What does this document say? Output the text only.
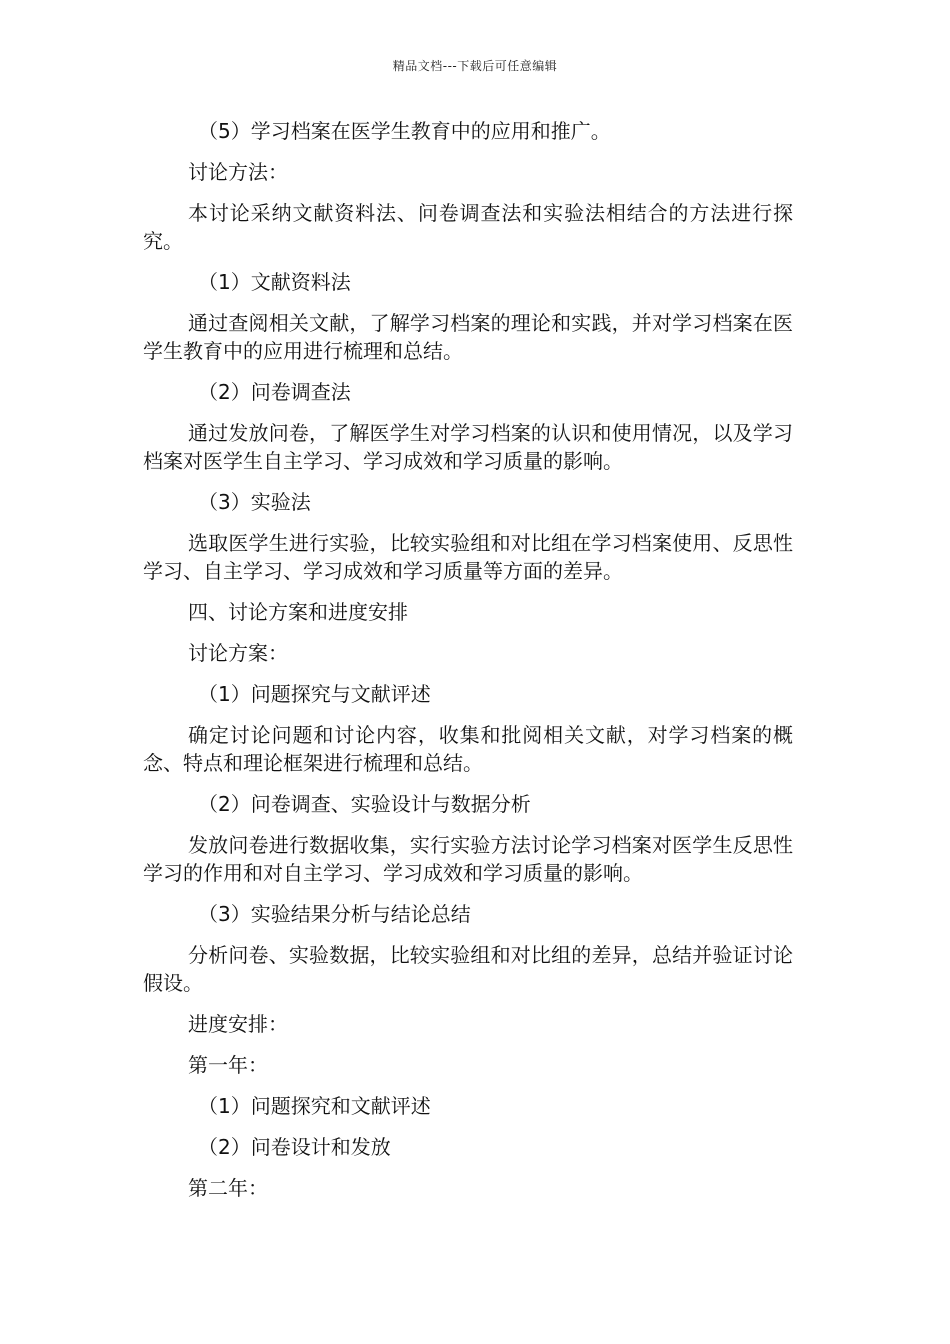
精品文档---下载后可任意编辑

（5）学习档案在医学生教育中的应用和推广。

讨论方法：

本讨论采纳文献资料法、问卷调查法和实验法相结合的方法进行探究。

（1）文献资料法

通过查阅相关文献，了解学习档案的理论和实践，并对学习档案在医学生教育中的应用进行梳理和总结。

（2）问卷调查法

通过发放问卷，了解医学生对学习档案的认识和使用情况，以及学习档案对医学生自主学习、学习成效和学习质量的影响。

（3）实验法

选取医学生进行实验，比较实验组和对比组在学习档案使用、反思性学习、自主学习、学习成效和学习质量等方面的差异。

四、讨论方案和进度安排

讨论方案：

（1）问题探究与文献评述

确定讨论问题和讨论内容，收集和批阅相关文献，对学习档案的概念、特点和理论框架进行梳理和总结。

（2）问卷调查、实验设计与数据分析

发放问卷进行数据收集，实行实验方法讨论学习档案对医学生反思性学习的作用和对自主学习、学习成效和学习质量的影响。

（3）实验结果分析与结论总结

分析问卷、实验数据，比较实验组和对比组的差异，总结并验证讨论假设。

进度安排：

第一年：

（1）问题探究和文献评述

（2）问卷设计和发放

第二年：
